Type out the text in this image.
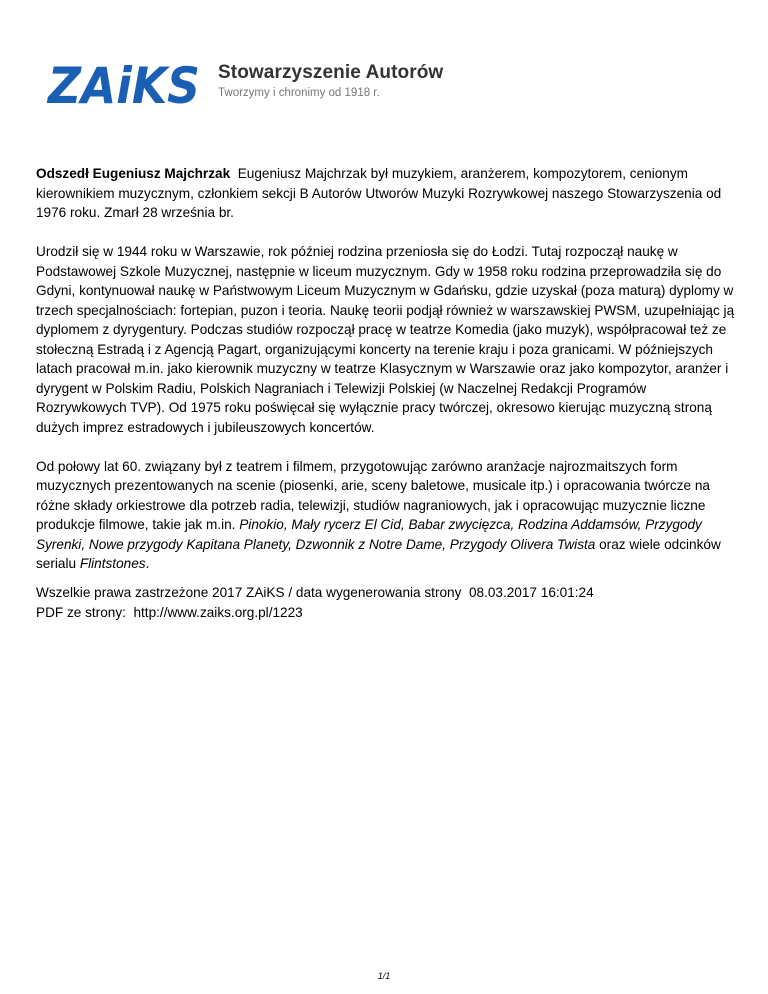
ZAiKS Stowarzyszenie Autorów
Tworzymy i chronimy od 1918 r.

Odszedł Eugeniusz Majchrzak Eugeniusz Majchrzak był muzykiem, aranżerem, kompozytorem, cenionym kierownikiem muzycznym, członkiem sekcji B Autorów Utworów Muzyki Rozrywkowej naszego Stowarzyszenia od 1976 roku. Zmarł 28 września br.

Urodził się w 1944 roku w Warszawie, rok później rodzina przeniosła się do Łodzi. Tutaj rozpoczął naukę w Podstawowej Szkole Muzycznej, następnie w liceum muzycznym. Gdy w 1958 roku rodzina przeprowadziła się do Gdyni, kontynuował naukę w Państwowym Liceum Muzycznym w Gdańsku, gdzie uzyskał (poza maturą) dyplomy w trzech specjalnościach: fortepian, puzon i teoria. Naukę teorii podjął również w warszawskiej PWSM, uzupełniając ją dyplomem z dyrygentury. Podczas studiów rozpoczął pracę w teatrze Komedia (jako muzyk), współpracował też ze stołeczną Estradą i z Agencją Pagart, organizującymi koncerty na terenie kraju i poza granicami. W późniejszych latach pracował m.in. jako kierownik muzyczny w teatrze Klasycznym w Warszawie oraz jako kompozytor, aranżer i dyrygent w Polskim Radiu, Polskich Nagraniach i Telewizji Polskiej (w Naczelnej Redakcji Programów Rozrywkowych TVP). Od 1975 roku poświęcał się wyłącznie pracy twórczej, okresowo kierując muzyczną stroną dużych imprez estradowych i jubileuszowych koncertów.

Od połowy lat 60. związany był z teatrem i filmem, przygotowując zarówno aranżacje najrozmaitszych form muzycznych prezentowanych na scenie (piosenki, arie, sceny baletowe, musicale itp.) i opracowania twórcze na różne składy orkiestrowe dla potrzeb radia, telewizji, studiów nagraniowych, jak i opracowując muzycznie liczne produkcje filmowe, takie jak m.in. Pinokio, Mały rycerz El Cid, Babar zwycięzca, Rodzina Addamsów, Przygody Syrenki, Nowe przygody Kapitana Planety, Dzwonnik z Notre Dame, Przygody Olivera Twista oraz wiele odcinków serialu Flintstones.

Wszelkie prawa zastrzeżone 2017 ZAiKS / data wygenerowania strony 08.03.2017 16:01:24
PDF ze strony: http://www.zaiks.org.pl/1223
1/1
